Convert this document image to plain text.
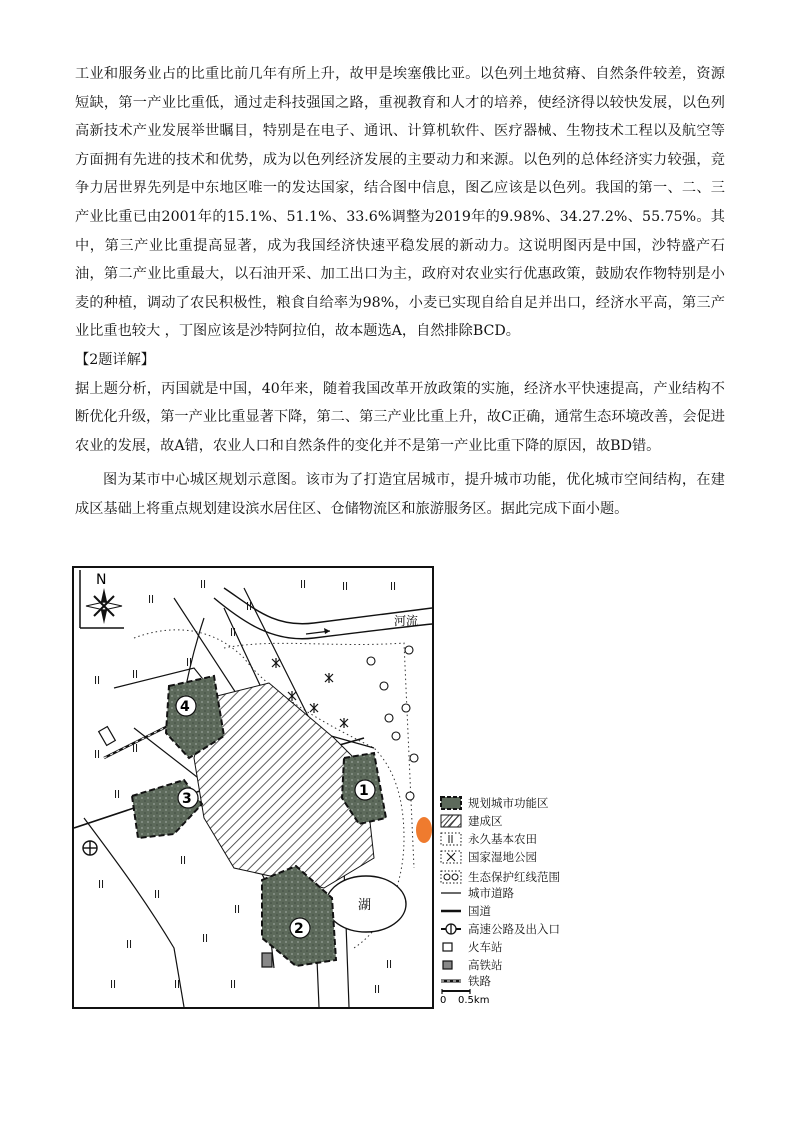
工业和服务业占的比重比前几年有所上升，故甲是埃塞俄比亚。以色列土地贫瘠、自然条件较差，资源短缺，第一产业比重低，通过走科技强国之路，重视教育和人才的培养，使经济得以较快发展，以色列高新技术产业发展举世瞩目，特别是在电子、通讯、计算机软件、医疗器械、生物技术工程以及航空等方面拥有先进的技术和优势，成为以色列经济发展的主要动力和来源。以色列的总体经济实力较强，竞争力居世界先列是中东地区唯一的发达国家，结合图中信息，图乙应该是以色列。我国的第一、二、三产业比重已由2001年的15.1%、51.1%、33.6%调整为2019年的9.98%、34.27.2%、55.75%。其中，第三产业比重提高显著，成为我国经济快速平稳发展的新动力。这说明图丙是中国，沙特盛产石油，第二产业比重最大，以石油开采、加工出口为主，政府对农业实行优惠政策，鼓励农作物特别是小麦的种植，调动了农民积极性，粮食自给率为98%，小麦已实现自给自足并出口，经济水平高，第三产业比重也较大 ，丁图应该是沙特阿拉伯，故本题选A，自然排除BCD。

【2题详解】

据上题分析，丙国就是中国，40年来，随着我国改革开放政策的实施，经济水平快速提高，产业结构不断优化升级，第一产业比重显著下降，第二、第三产业比重上升，故C正确，通常生态环境改善，会促进农业的发展，故A错，农业人口和自然条件的变化并不是第一产业比重下降的原因，故BD错。

图为某市中心城区规划示意图。该市为了打造宜居城市，提升城市功能，优化城市空间结构，在建成区基础上将重点规划建设滨水居住区、仓储物流区和旅游服务区。据此完成下面小题。

N
河流
湖
4
3	1
2
ll
ll
ll
ll	ll	ll
ll
ll
ll	ll
ll	ll
ll
ll
ll
ll
ll
ll
ll
ll	ll	ll
ll
ll
规划城市功能区
建成区
永久基本农田
国家湿地公园
生态保护红线范围
城市道路
国道
高速公路及出入口
火车站
高铁站
铁路
0 0.5km
